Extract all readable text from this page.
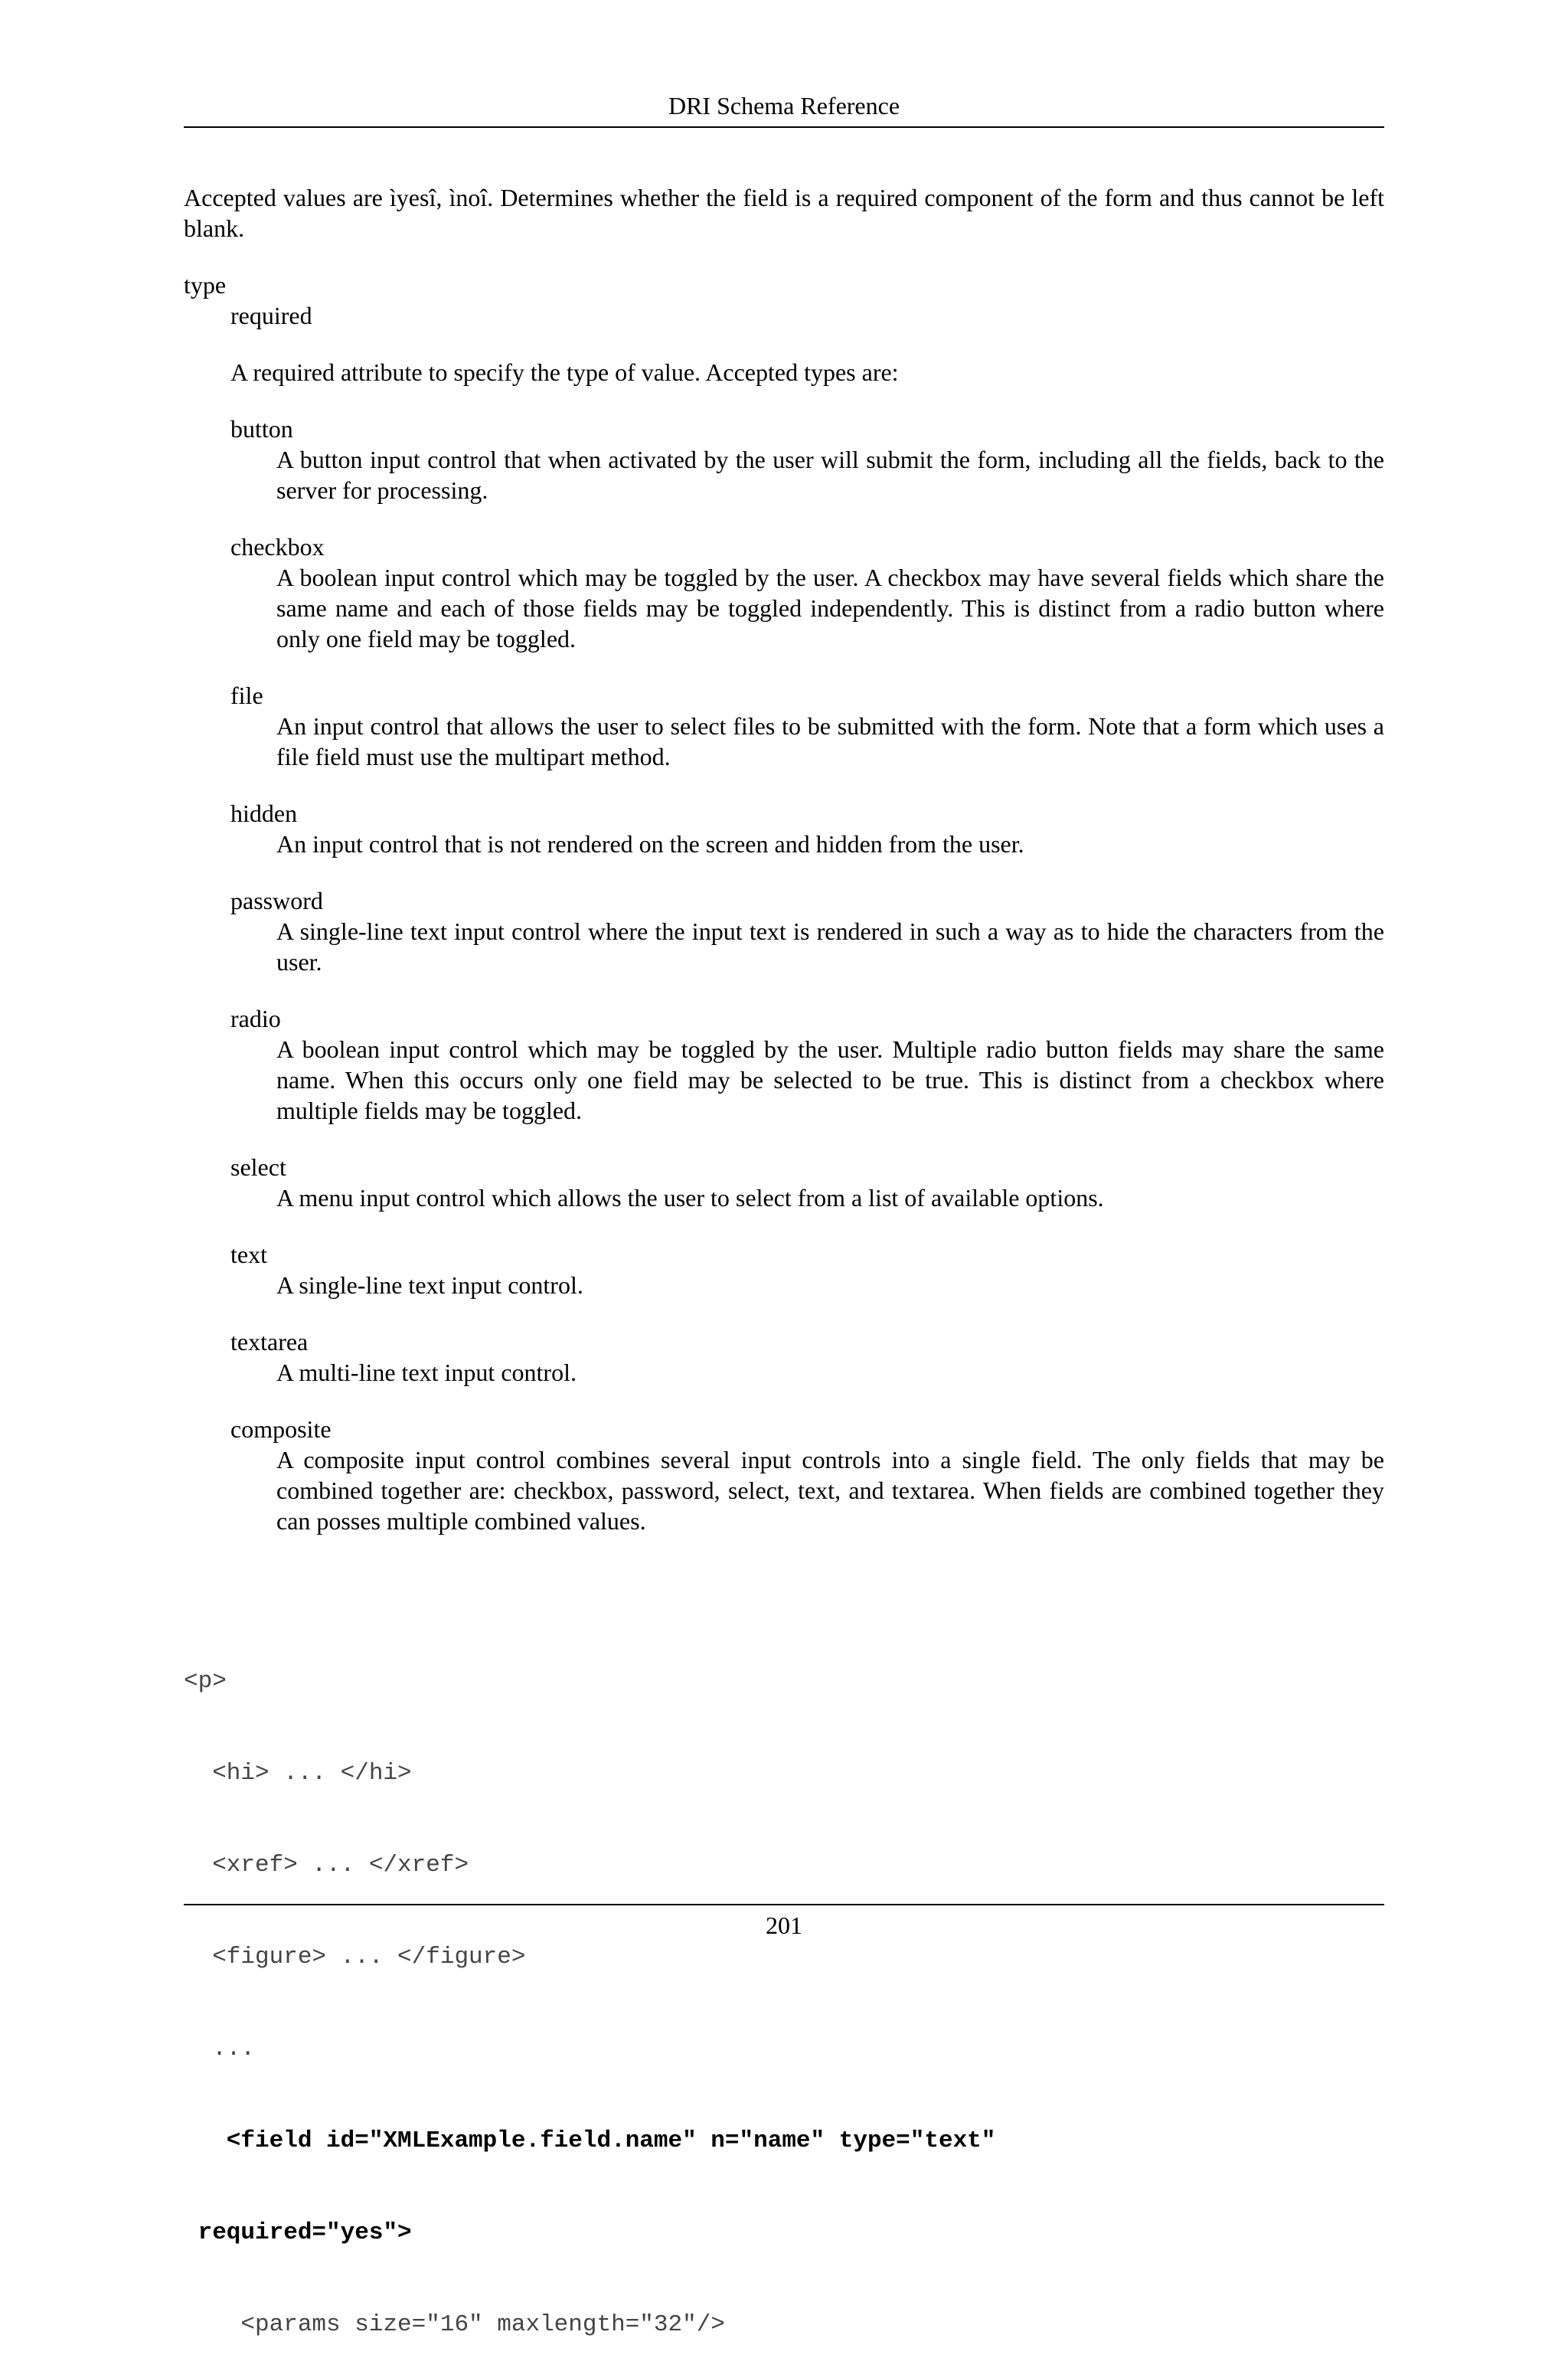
DRI Schema Reference

Accepted values are ìyesî, ìnoî. Determines whether the field is a required component of the form and thus cannot be left blank.

type

required

A required attribute to specify the type of value. Accepted types are:

button
A button input control that when activated by the user will submit the form, including all the fields, back to the server for processing.
checkbox
A boolean input control which may be toggled by the user. A checkbox may have several fields which share the same name and each of those fields may be toggled independently. This is distinct from a radio button where only one field may be toggled.
file
An input control that allows the user to select files to be submitted with the form. Note that a form which uses a file field must use the multipart method.
hidden
An input control that is not rendered on the screen and hidden from the user.
password
A single-line text input control where the input text is rendered in such a way as to hide the characters from the user.
radio
A boolean input control which may be toggled by the user. Multiple radio button fields may share the same name. When this occurs only one field may be selected to be true. This is distinct from a checkbox where multiple fields may be toggled.
select
A menu input control which allows the user to select from a list of available options.
text
A single-line text input control.
textarea
A multi-line text input control.
composite
A composite input control combines several input controls into a single field. The only fields that may be combined together are: checkbox, password, select, text, and textarea. When fields are combined together they can posses multiple combined values.

<p>

<hi> ... </hi>

<xref> ... </xref>

<figure> ... </figure>

...

<field id="XMLExample.field.name" n="name" type="text"

required="yes">

<params size="16" maxlength="32"/>

201
